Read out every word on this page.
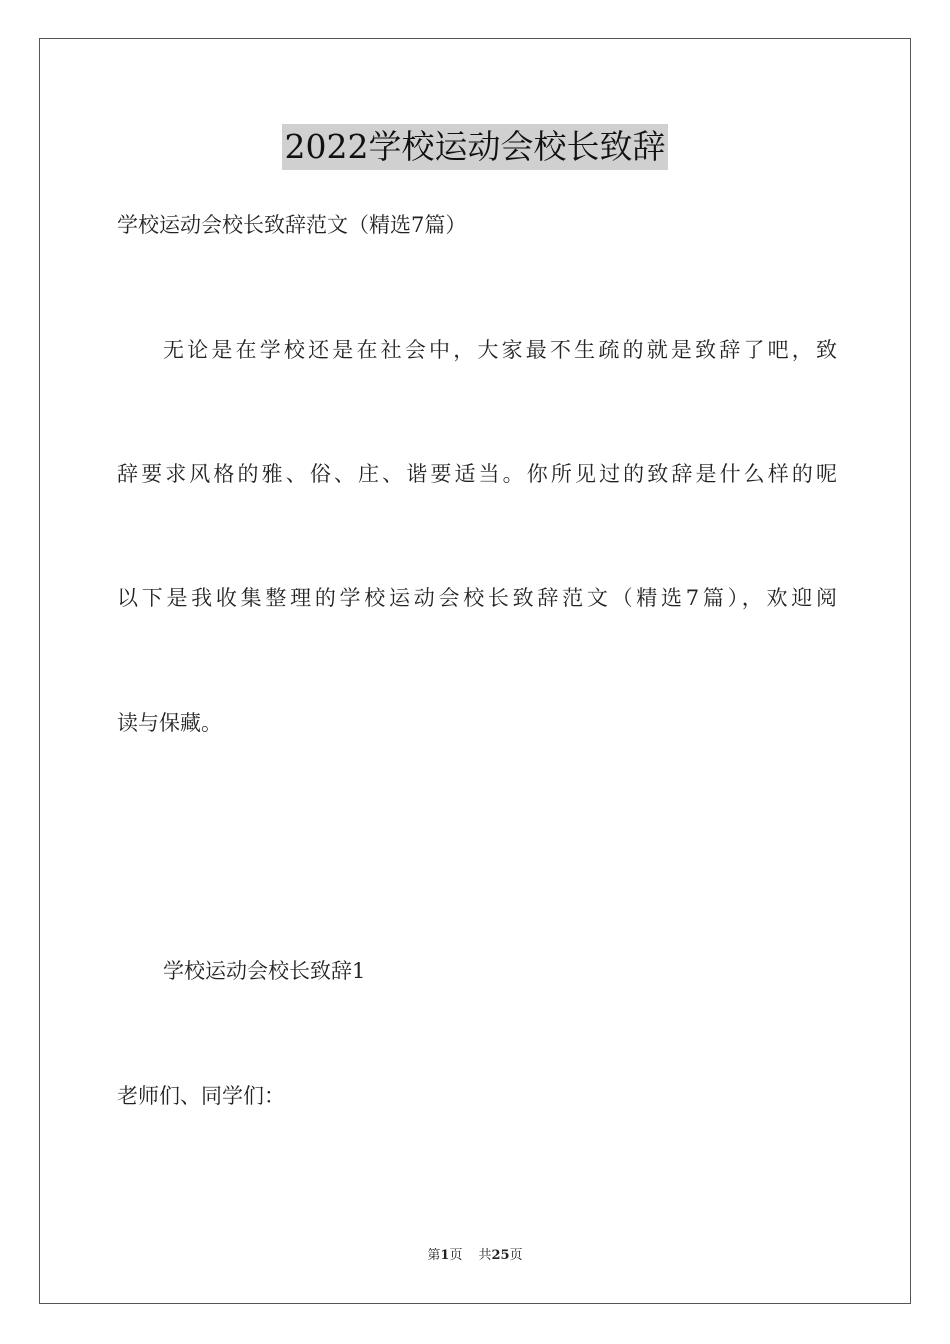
2022学校运动会校长致辞
学校运动会校长致辞范文（精选7篇）
无论是在学校还是在社会中，大家最不生疏的就是致辞了吧，致
辞要求风格的雅、俗、庄、谐要适当。你所见过的致辞是什么样的呢
以下是我收集整理的学校运动会校长致辞范文（精选7篇），欢迎阅
读与保藏。
学校运动会校长致辞1
老师们、同学们：
第1页 共25页
